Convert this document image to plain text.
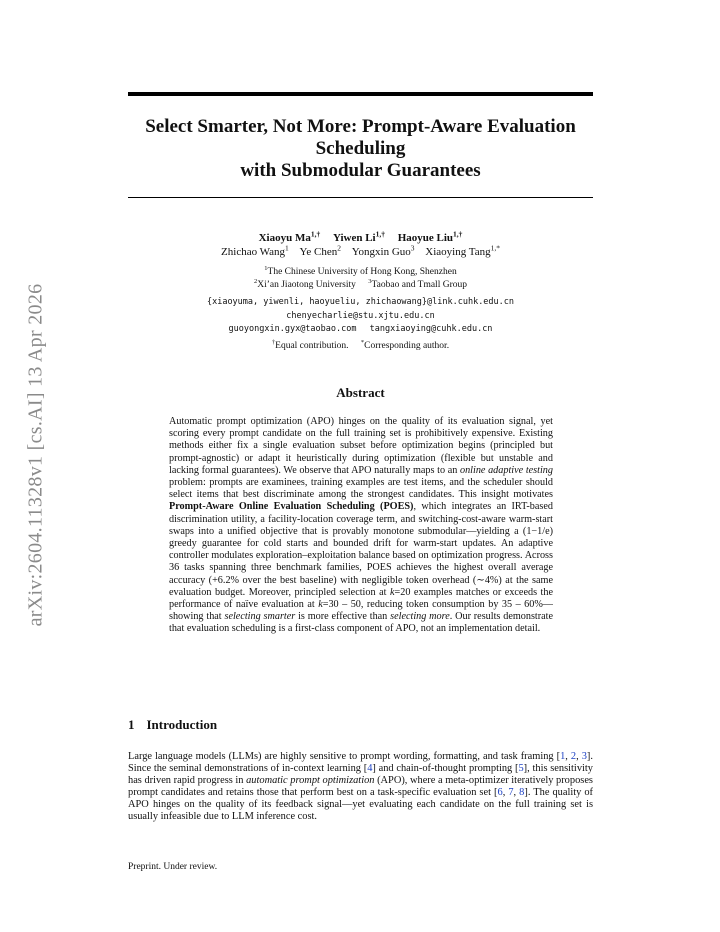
arXiv:2604.11328v1 [cs.AI] 13 Apr 2026
Select Smarter, Not More: Prompt-Aware Evaluation
Scheduling
with Submodular Guarantees
Xiaoyu $Ma^{1,\dagger}$ Yiwen $Li^{1,\dagger}$ Haoyue Liu$^{1,\dagger}$
Zhichao Wang$^1$ Ye Chen$^2$ Yongxin Guo$^3$ Xiaoying Tang$^{1,*}$
$^1$The Chinese University of Hong Kong, Shenzhen
$^2$Xi’an Jiaotong University $^3$Taobao and Tmall Group
{xiaoyuma, yiwenli, haoyueliu, zhichaowang}@link.cuhk.edu.cn
chenyecharlie@stu.xjtu.edu.cn
guoyongxin.gyx@taobao.com tangxiaoying@cuhk.edu.cn
†Equal contribution. *Corresponding author.
Abstract
Automatic prompt optimization (APO) hinges on the quality of its evaluation signal, yet scoring every prompt candidate on the full training set is prohibitively expensive. Existing methods either fix a single evaluation subset before optimization begins (principled but prompt-agnostic) or adapt it heuristically during optimization (flexible but unstable and lacking formal guarantees). We observe that APO naturally maps to an online adaptive testing problem: prompts are examinees, training examples are test items, and the scheduler should select items that best discriminate among the strongest candidates. This insight motivates Prompt-Aware Online Evaluation Scheduling (POES), which integrates an IRT-based discrimination utility, a facility-location coverage term, and switching-cost-aware warm-start swaps into a unified objective that is provably monotone submodular—yielding a (1−1/e) greedy guarantee for cold starts and bounded drift for warm-start updates. An adaptive controller modulates exploration–exploitation balance based on optimization progress. Across 36 tasks spanning three benchmark families, POES achieves the highest overall average accuracy (+6.2% over the best baseline) with negligible token overhead (∼4%) at the same evaluation budget. Moreover, principled selection at k=20 examples matches or exceeds the performance of naïve evaluation at k=30 – 50, reducing token consumption by 35 – 60%—showing that selecting smarter is more effective than selecting more. Our results demonstrate that evaluation scheduling is a first-class component of APO, not an implementation detail.
1 Introduction
Large language models (LLMs) are highly sensitive to prompt wording, formatting, and task framing [1, 2, 3]. Since the seminal demonstrations of in-context learning [4] and chain-of-thought prompting [5], this sensitivity has driven rapid progress in automatic prompt optimization (APO), where a meta-optimizer iteratively proposes prompt candidates and retains those that perform best on a task-specific evaluation set [6, 7, 8]. The quality of APO hinges on the quality of its feedback signal—yet evaluating each candidate on the full training set is usually infeasible due to LLM inference cost.
Preprint. Under review.
